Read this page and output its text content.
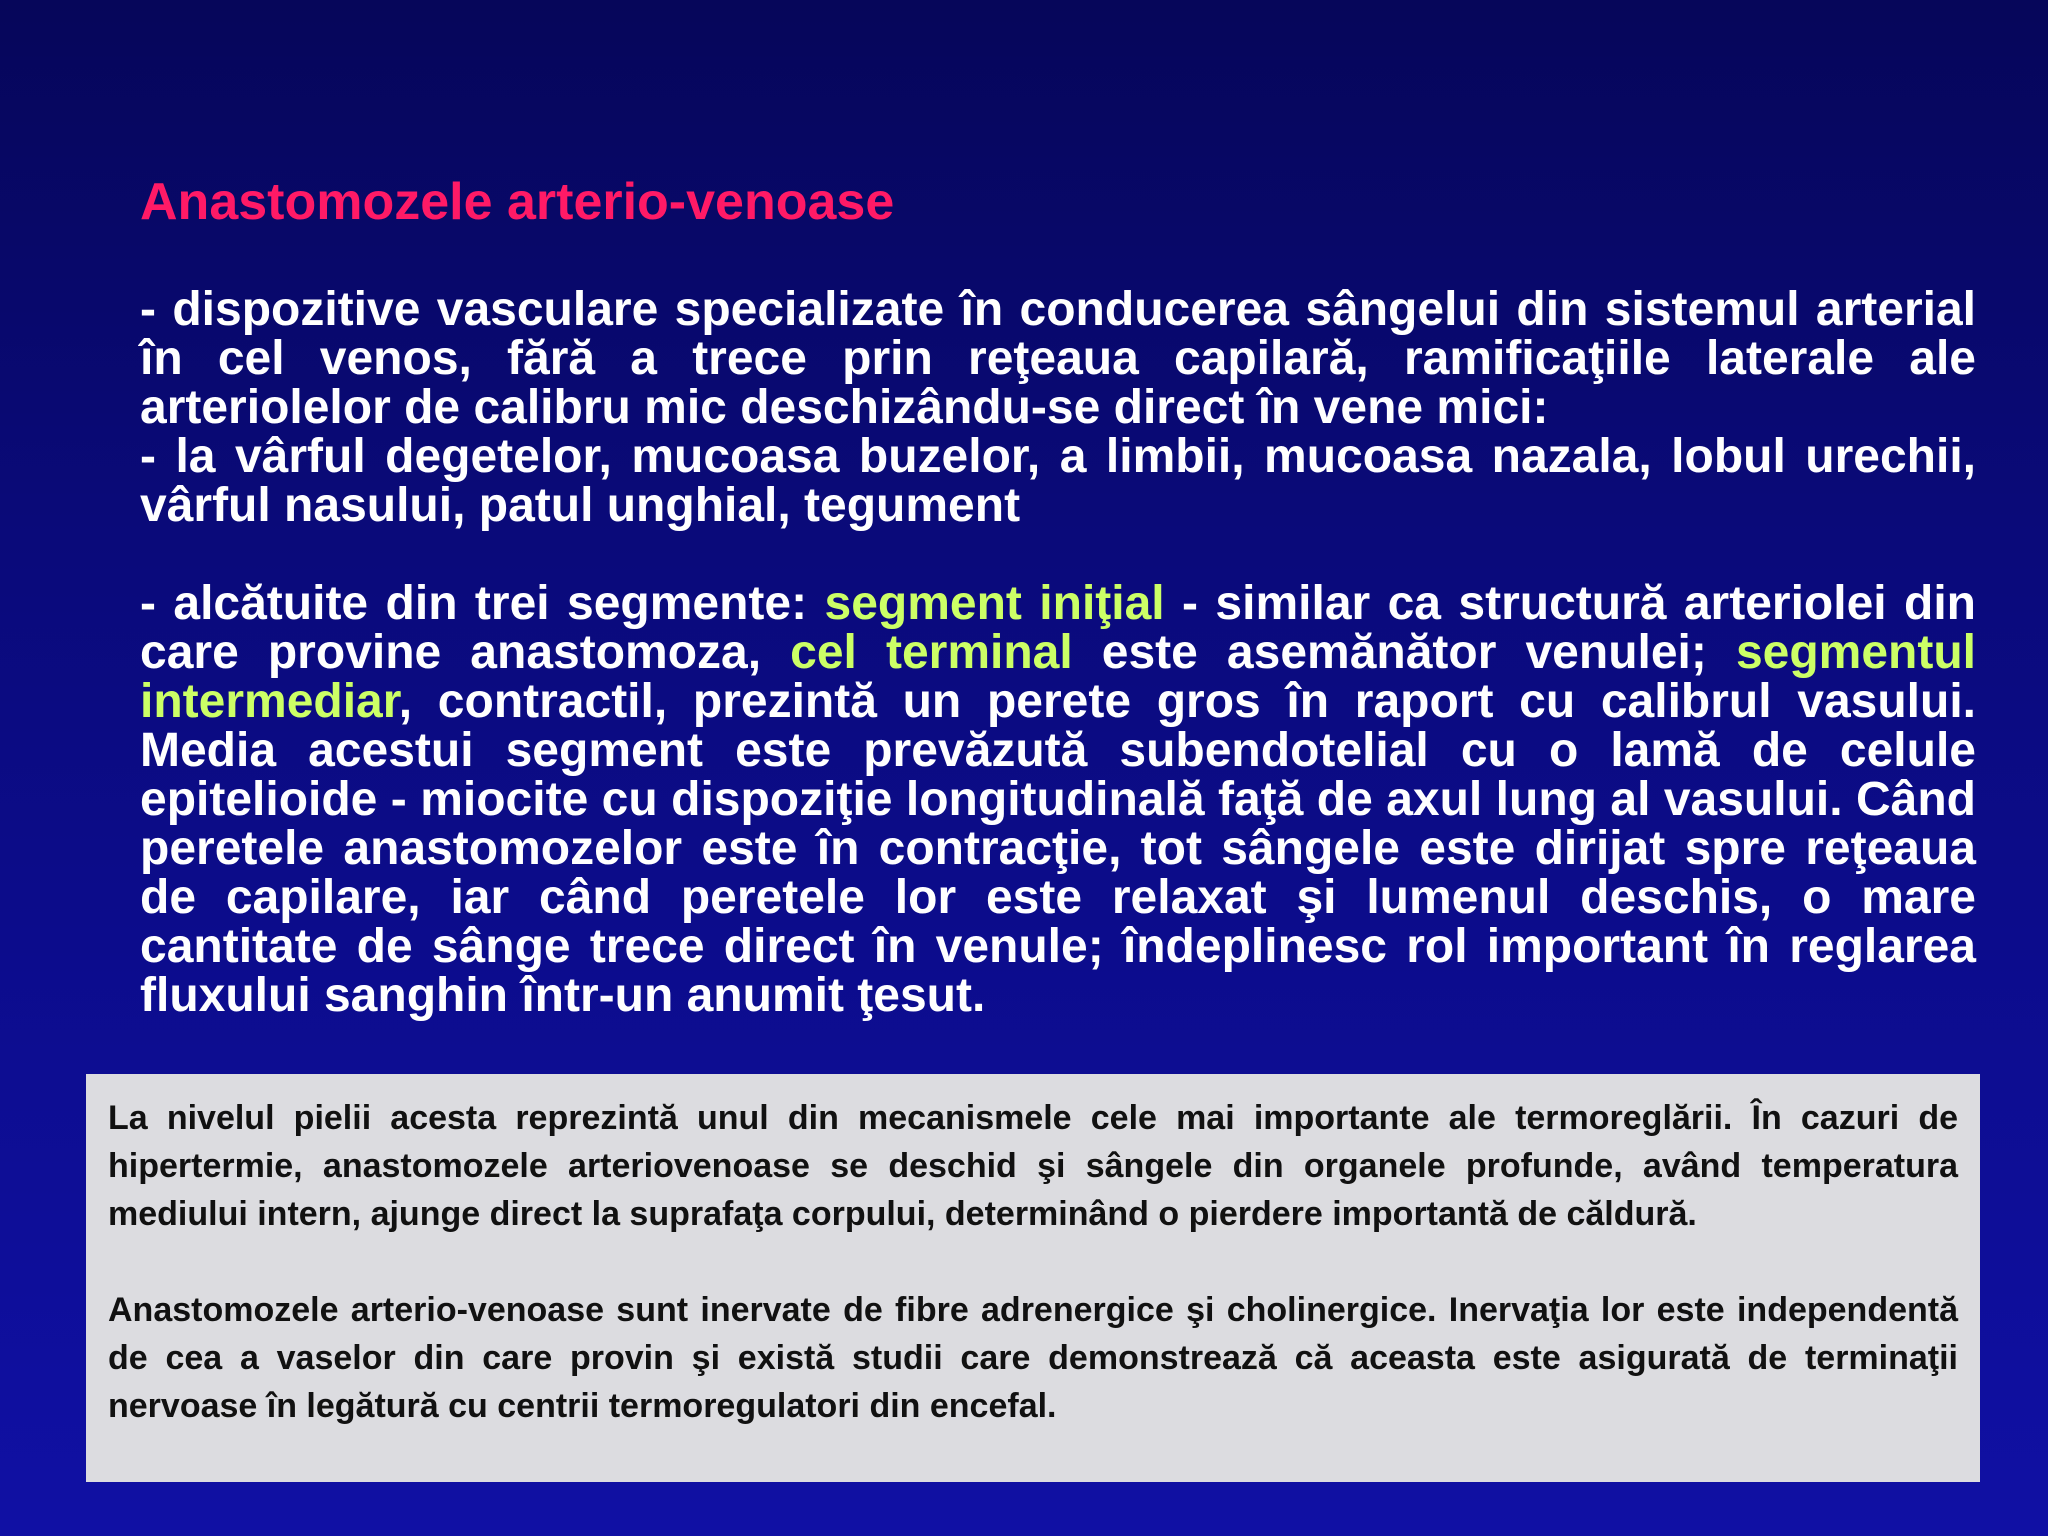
Anastomozele arterio-venoase

- dispozitive vasculare specializate în conducerea sângelui din sistemul arterial în cel venos, fără a trece prin reţeaua capilară, ramificaţiile laterale ale arteriolelor de calibru mic deschizându-se direct în vene mici:

- la vârful degetelor, mucoasa buzelor, a limbii, mucoasa nazala, lobul urechii, vârful nasului, patul unghial, tegument

- alcătuite din trei segmente: segment iniţial - similar ca structură arteriolei din care provine anastomoza, cel terminal este asemănător venulei; segmentul intermediar, contractil, prezintă un perete gros în raport cu calibrul vasului. Media acestui segment este prevăzută subendotelial cu o lamă de celule epitelioide - miocite cu dispoziţie longitudinală faţă de axul lung al vasului. Când peretele anastomozelor este în contracţie, tot sângele este dirijat spre reţeaua de capilare, iar când peretele lor este relaxat şi lumenul deschis, o mare cantitate de sânge trece direct în venule; îndeplinesc rol important în reglarea fluxului sanghin într-un anumit ţesut.

La nivelul pielii acesta reprezintă unul din mecanismele cele mai importante ale termoreglării. În cazuri de hipertermie, anastomozele arteriovenoase se deschid şi sângele din organele profunde, având temperatura mediului intern, ajunge direct la suprafaţa corpului, determinând o pierdere importantă de căldură.

Anastomozele arterio-venoase sunt inervate de fibre adrenergice şi cholinergice. Inervaţia lor este independentă de cea a vaselor din care provin şi există studii care demonstrează că aceasta este asigurată de terminaţii nervoase în legătură cu centrii termoregulatori din encefal.
